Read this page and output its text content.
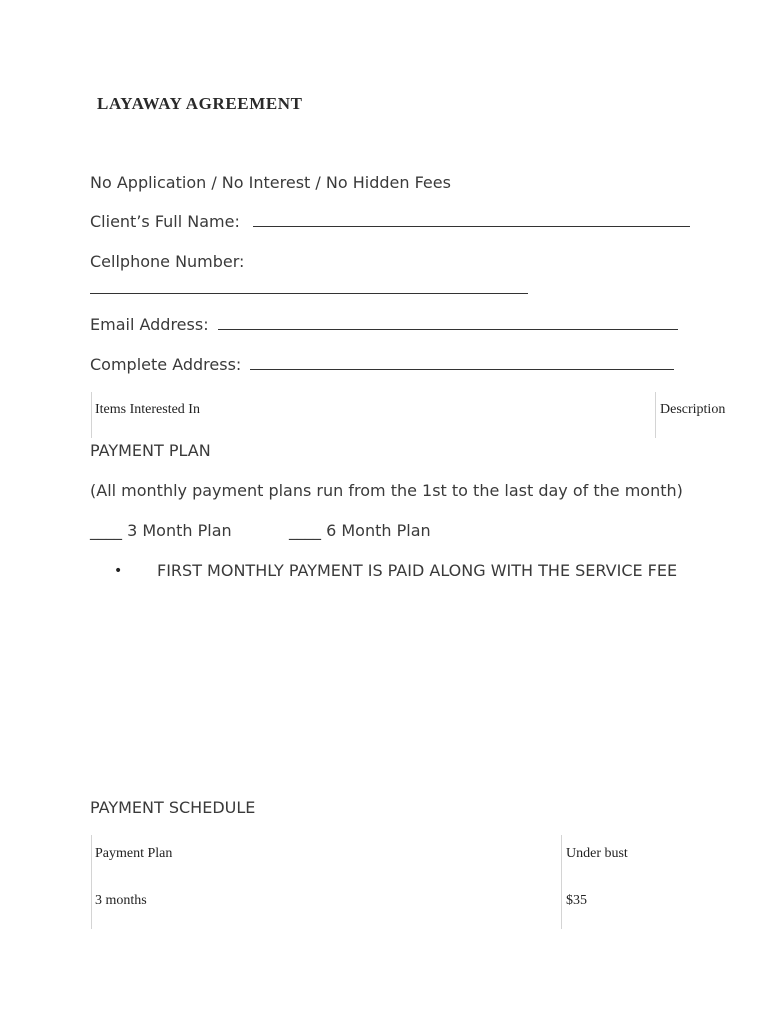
LAYAWAY AGREEMENT
No Application / No Interest / No Hidden Fees
Client’s Full Name:
Cellphone Number:
Email Address:
Complete Address:
Items Interested In	Description
PAYMENT PLAN
(All monthly payment plans run from the 1st to the last day of the month)
____ 3 Month Plan	____ 6 Month Plan
• FIRST MONTHLY PAYMENT IS PAID ALONG WITH THE SERVICE FEE
PAYMENT SCHEDULE
Payment Plan	Under bust
3 months	$35
